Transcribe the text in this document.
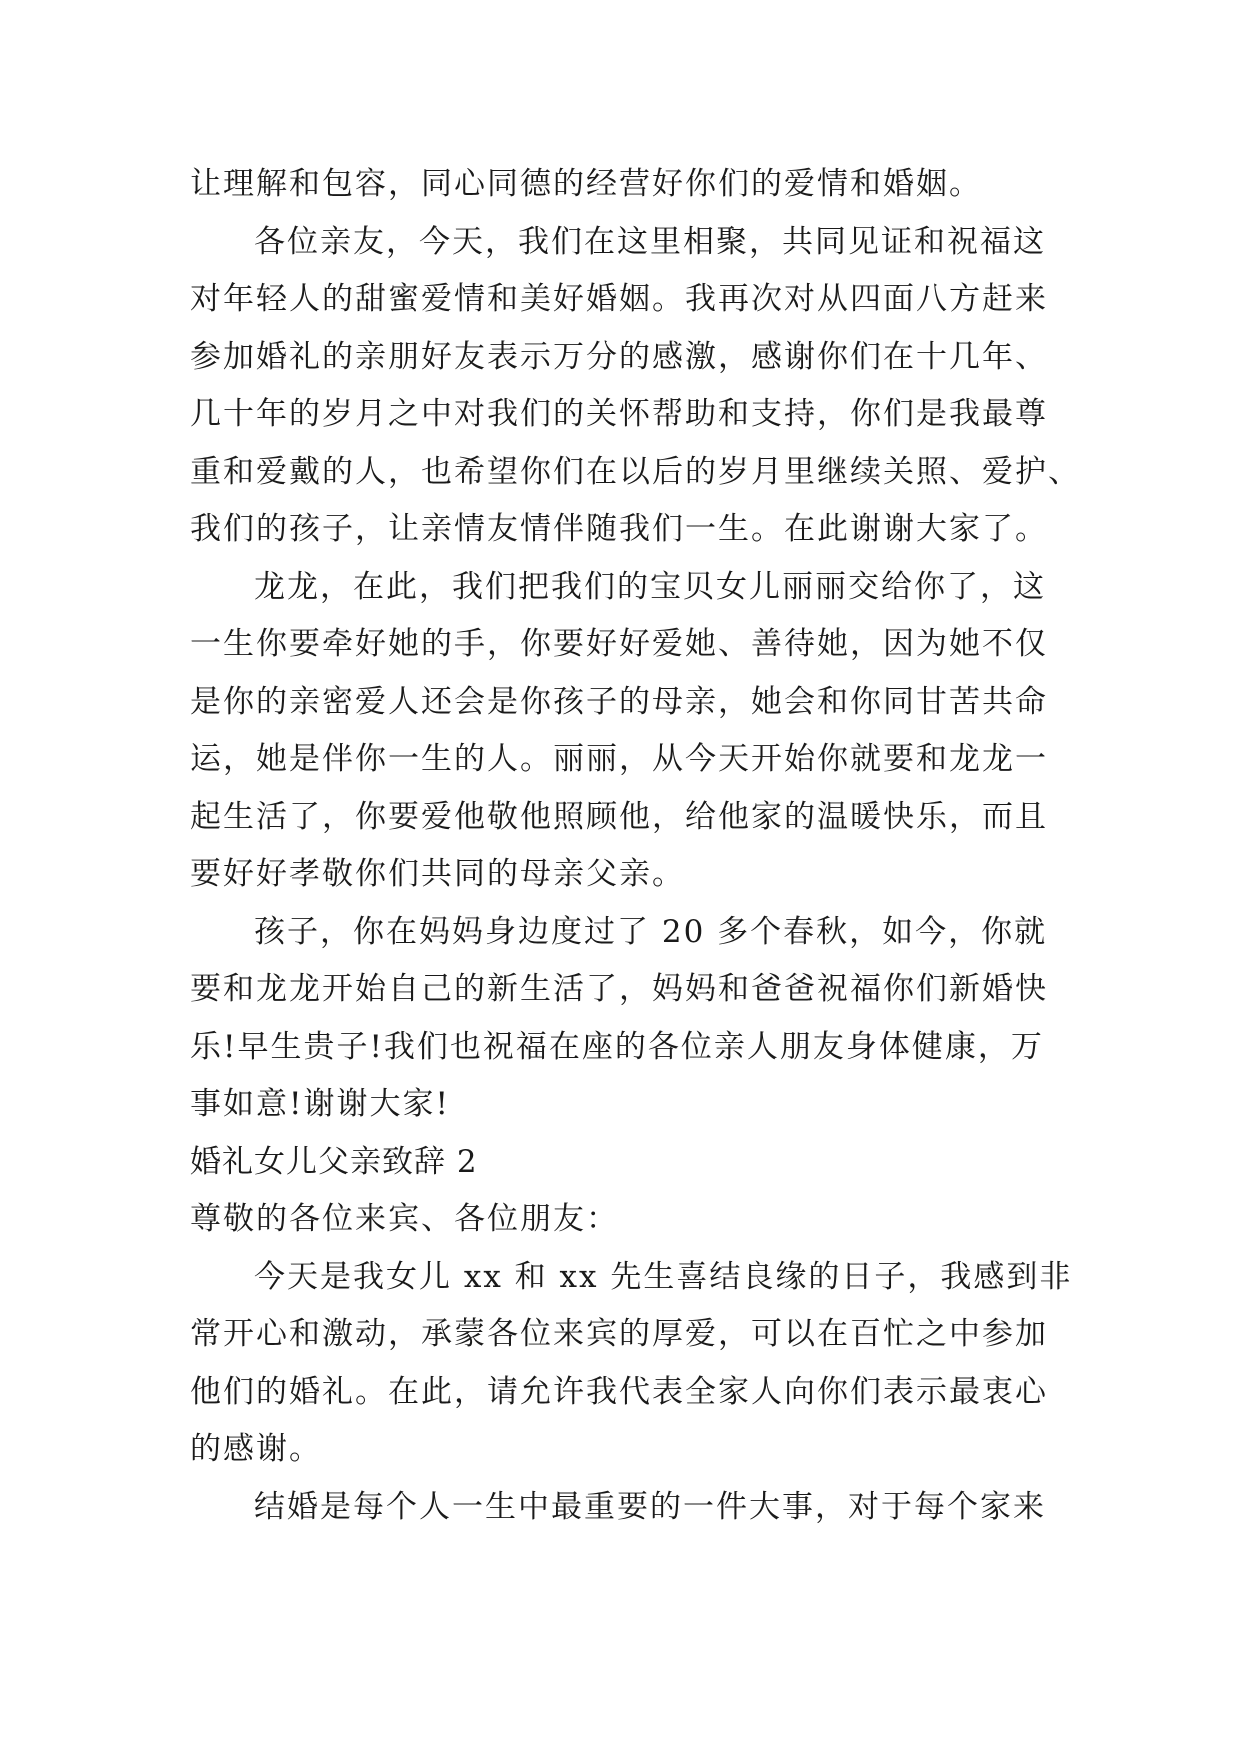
让理解和包容，同心同德的经营好你们的爱情和婚姻。
各位亲友，今天，我们在这里相聚，共同见证和祝福这
对年轻人的甜蜜爱情和美好婚姻。我再次对从四面八方赶来
参加婚礼的亲朋好友表示万分的感激，感谢你们在十几年、
几十年的岁月之中对我们的关怀帮助和支持，你们是我最尊
重和爱戴的人，也希望你们在以后的岁月里继续关照、爱护、
我们的孩子，让亲情友情伴随我们一生。在此谢谢大家了。
龙龙，在此，我们把我们的宝贝女儿丽丽交给你了，这
一生你要牵好她的手，你要好好爱她、善待她，因为她不仅
是你的亲密爱人还会是你孩子的母亲，她会和你同甘苦共命
运，她是伴你一生的人。丽丽，从今天开始你就要和龙龙一
起生活了，你要爱他敬他照顾他，给他家的温暖快乐，而且
要好好孝敬你们共同的母亲父亲。
孩子，你在妈妈身边度过了 20 多个春秋，如今，你就
要和龙龙开始自己的新生活了，妈妈和爸爸祝福你们新婚快
乐!早生贵子!我们也祝福在座的各位亲人朋友身体健康，万
事如意!谢谢大家!
婚礼女儿父亲致辞 2
尊敬的各位来宾、各位朋友：
今天是我女儿 xx 和 xx 先生喜结良缘的日子，我感到非
常开心和激动，承蒙各位来宾的厚爱，可以在百忙之中参加
他们的婚礼。在此，请允许我代表全家人向你们表示最衷心
的感谢。
结婚是每个人一生中最重要的一件大事，对于每个家来
